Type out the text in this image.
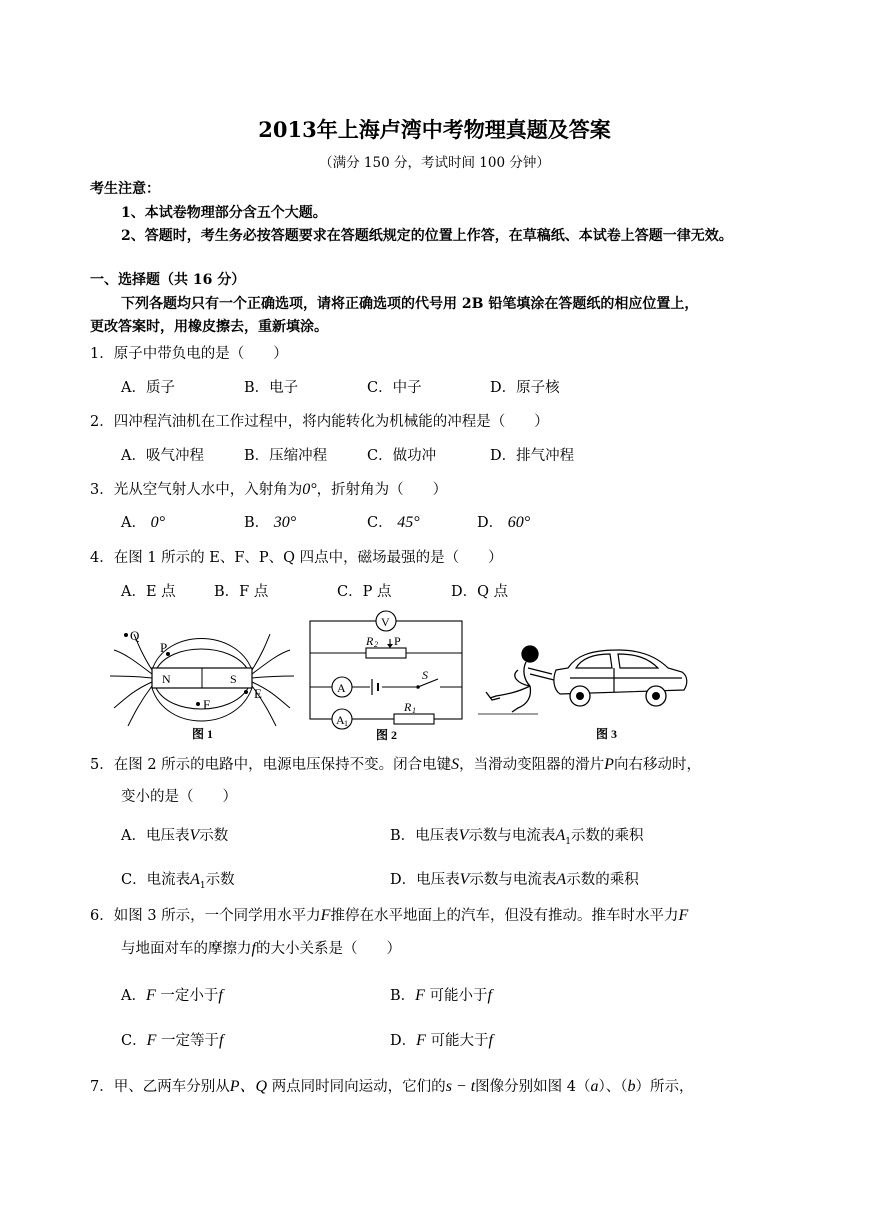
2013年上海卢湾中考物理真题及答案
（满分 150 分，考试时间 100 分钟）
考生注意：
1、本试卷物理部分含五个大题。
2、答题时，考生务必按答题要求在答题纸规定的位置上作答，在草稿纸、本试卷上答题一律无效。
一、选择题（共 16 分）
下列各题均只有一个正确选项，请将正确选项的代号用 2B 铅笔填涂在答题纸的相应位置上，
更改答案时，用橡皮擦去，重新填涂。
1．原子中带负电的是（　　）
A．质子	B．电子	C．中子	D．原子核
2．四冲程汽油机在工作过程中，将内能转化为机械能的冲程是（　　）
A．吸气冲程	B．压缩冲程	C．做功冲	D．排气冲程
3．光从空气射人水中，入射角为0°，折射角为（　　）
A． 0°	B． 30°	C． 45°	D． 60°
4．在图 1 所示的 E、F、P、Q 四点中，磁场最强的是（　　）
A．E 点	B．F 点	C．P 点	D．Q 点
Q
P
N	S
E
F
图 1
V
R 2 P
A
S
A 1
R 1
图 2	图 3
5．在图 2 所示的电路中，电源电压保持不变。闭合电键S，当滑动变阻器的滑片P向右移动时，
变小的是（　　）
A．电压表V示数	B．电压表V示数与电流表$A_1$示数的乘积
C．电流表$A_1$示数	D．电压表V示数与电流表A示数的乘积
6．如图 3 所示，一个同学用水平力F推停在水平地面上的汽车，但没有推动。推车时水平力F
与地面对车的摩擦力f的大小关系是（　　）
A．F 一定小于f	B．F 可能小于f
C．F 一定等于f	D．F 可能大于f
7．甲、乙两车分别从P、Q 两点同时同向运动，它们的s − t图像分别如图 4（a）、（b）所示，
